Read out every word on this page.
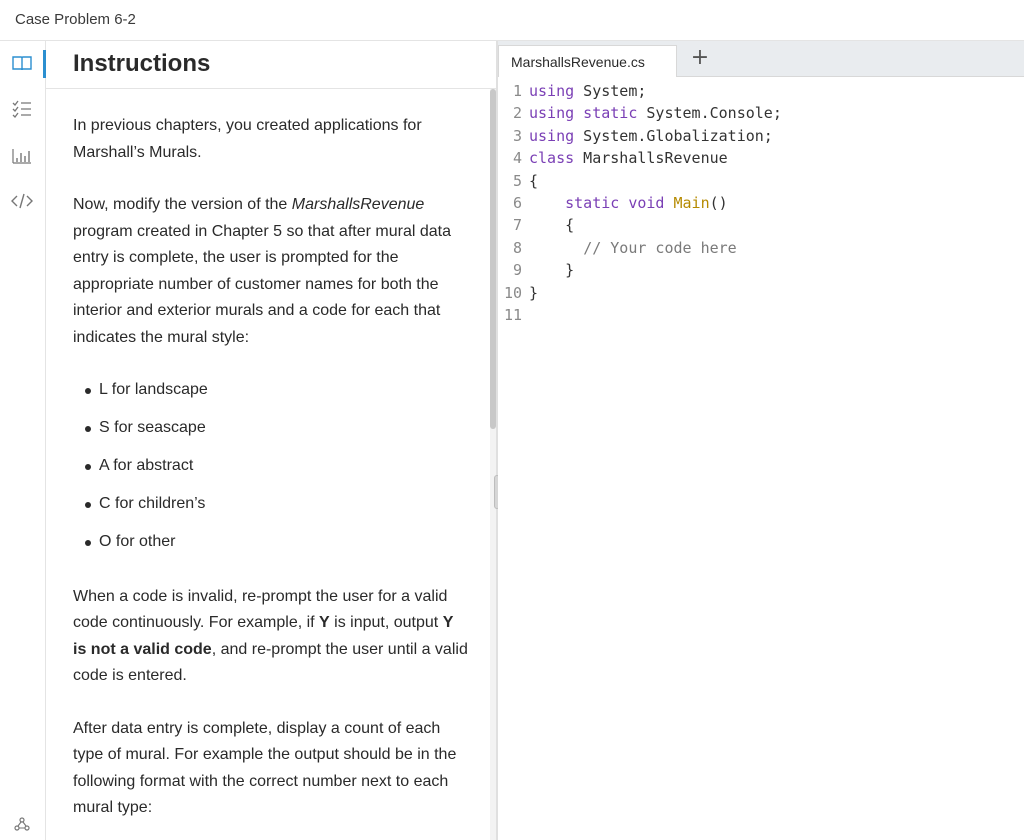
Case Problem 6-2
Instructions

In previous chapters, you created applications for Marshall’s Murals.

Now, modify the version of the MarshallsRevenue program created in Chapter 5 so that after mural data entry is complete, the user is prompted for the appropriate number of customer names for both the interior and exterior murals and a code for each that indicates the mural style:

L for landscape
S for seascape
A for abstract
C for children’s
O for other

When a code is invalid, re-prompt the user for a valid code continuously. For example, if Y is input, output Y is not a valid code, and re-prompt the user until a valid code is entered.

After data entry is complete, display a count of each type of mural. For example the output should be in the following format with the correct number next to each mural type:

MarshallsRevenue.cs +
1 using System;
2 using static System.Console;
3 using System.Globalization;
4 class MarshallsRevenue
5 {
6	static void Main()
7	{
8	// Your code here
9	}
10 }
11
